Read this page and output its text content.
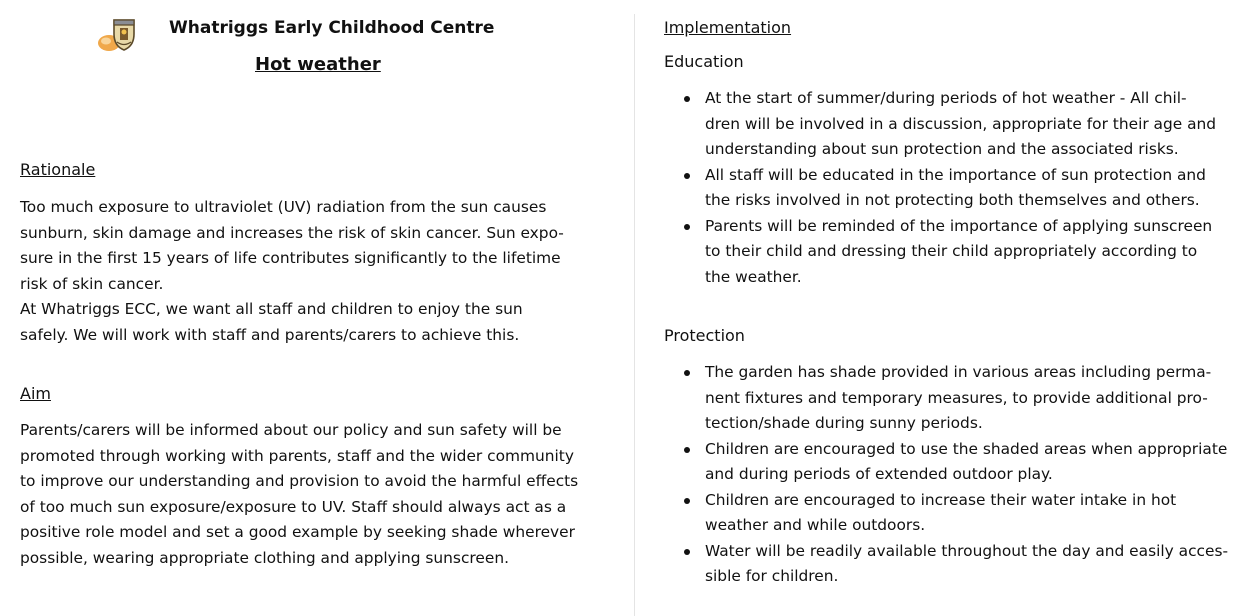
Whatriggs Early Childhood Centre
Hot weather
Rationale
Too much exposure to ultraviolet (UV) radiation from the sun causes
sunburn, skin damage and increases the risk of skin cancer. Sun expo-
sure in the first 15 years of life contributes significantly to the lifetime
risk of skin cancer.
At Whatriggs ECC, we want all staff and children to enjoy the sun
safely. We will work with staff and parents/carers to achieve this.
Aim
Parents/carers will be informed about our policy and sun safety will be
promoted through working with parents, staff and the wider community
to improve our understanding and provision to avoid the harmful effects
of too much sun exposure/exposure to UV. Staff should always act as a
positive role model and set a good example by seeking shade wherever
possible, wearing appropriate clothing and applying sunscreen.
Implementation
Education
At the start of summer/during periods of hot weather - All chil-
dren will be involved in a discussion, appropriate for their age and
understanding about sun protection and the associated risks.
All staff will be educated in the importance of sun protection and
the risks involved in not protecting both themselves and others.
Parents will be reminded of the importance of applying sunscreen
to their child and dressing their child appropriately according to
the weather.
Protection
The garden has shade provided in various areas including perma-
nent fixtures and temporary measures, to provide additional pro-
tection/shade during sunny periods.
Children are encouraged to use the shaded areas when appropriate
and during periods of extended outdoor play.
Children are encouraged to increase their water intake in hot
weather and while outdoors.
Water will be readily available throughout the day and easily acces-
sible for children.
